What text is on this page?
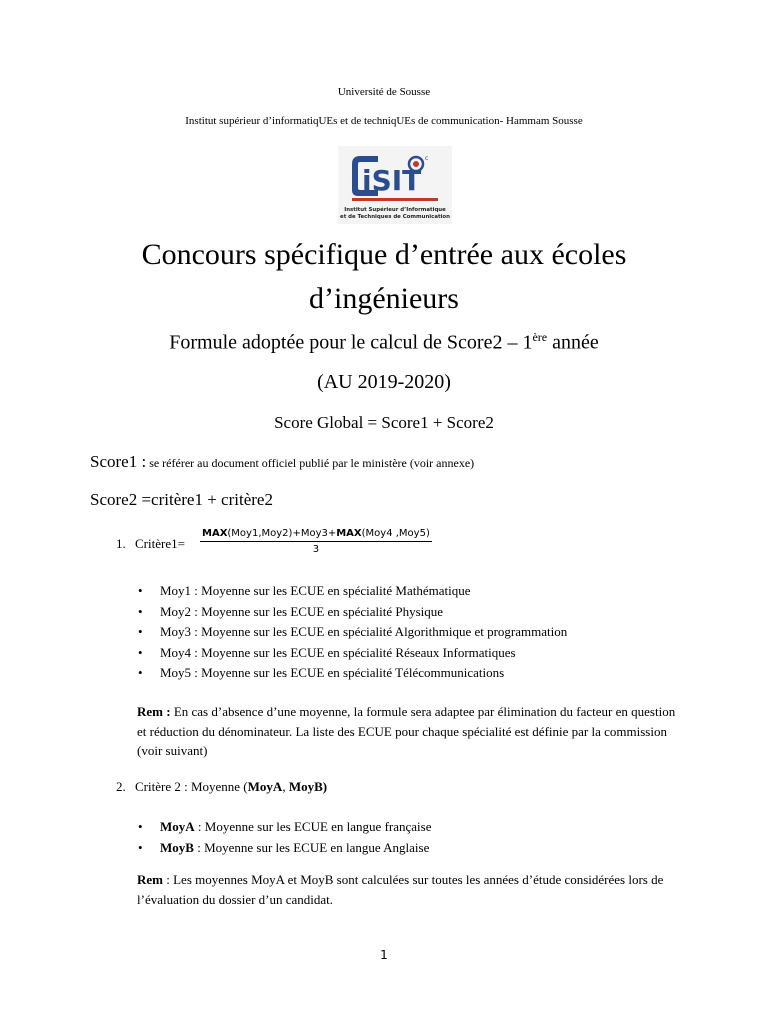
Université de Sousse
Institut supérieur d’informatiqUEs et de techniqUEs de communication- Hammam Sousse
iSIT
c
Institut Supérieur d’Informatique
et de Techniques de Communication
Concours spécifique d’entrée aux écoles
d’ingénieurs
Formule adoptée pour le calcul de Score2 – 1ère année
(AU 2019-2020)
Score Global = Score1 + Score2
Score1 : se référer au document officiel publié par le ministère (voir annexe)
Score2 =critère1 + critère2
1. Critère1=
MAX(Moy1,Moy2)+Moy3+MAX(Moy4 ,Moy5)
3
• Moy1 : Moyenne sur les ECUE en spécialité Mathématique
• Moy2 : Moyenne sur les ECUE en spécialité Physique
• Moy3 : Moyenne sur les ECUE en spécialité Algorithmique et programmation
• Moy4 : Moyenne sur les ECUE en spécialité Réseaux Informatiques
• Moy5 : Moyenne sur les ECUE en spécialité Télécommunications
Rem : En cas d’absence d’une moyenne, la formule sera adaptee par élimination du facteur en question et réduction du dénominateur. La liste des ECUE pour chaque spécialité est définie par la commission (voir suivant)
2. Critère 2 : Moyenne (MoyA, MoyB)
• MoyA : Moyenne sur les ECUE en langue française
• MoyB : Moyenne sur les ECUE en langue Anglaise
Rem : Les moyennes MoyA et MoyB sont calculées sur toutes les années d’étude considérées lors de l’évaluation du dossier d’un candidat.
1
